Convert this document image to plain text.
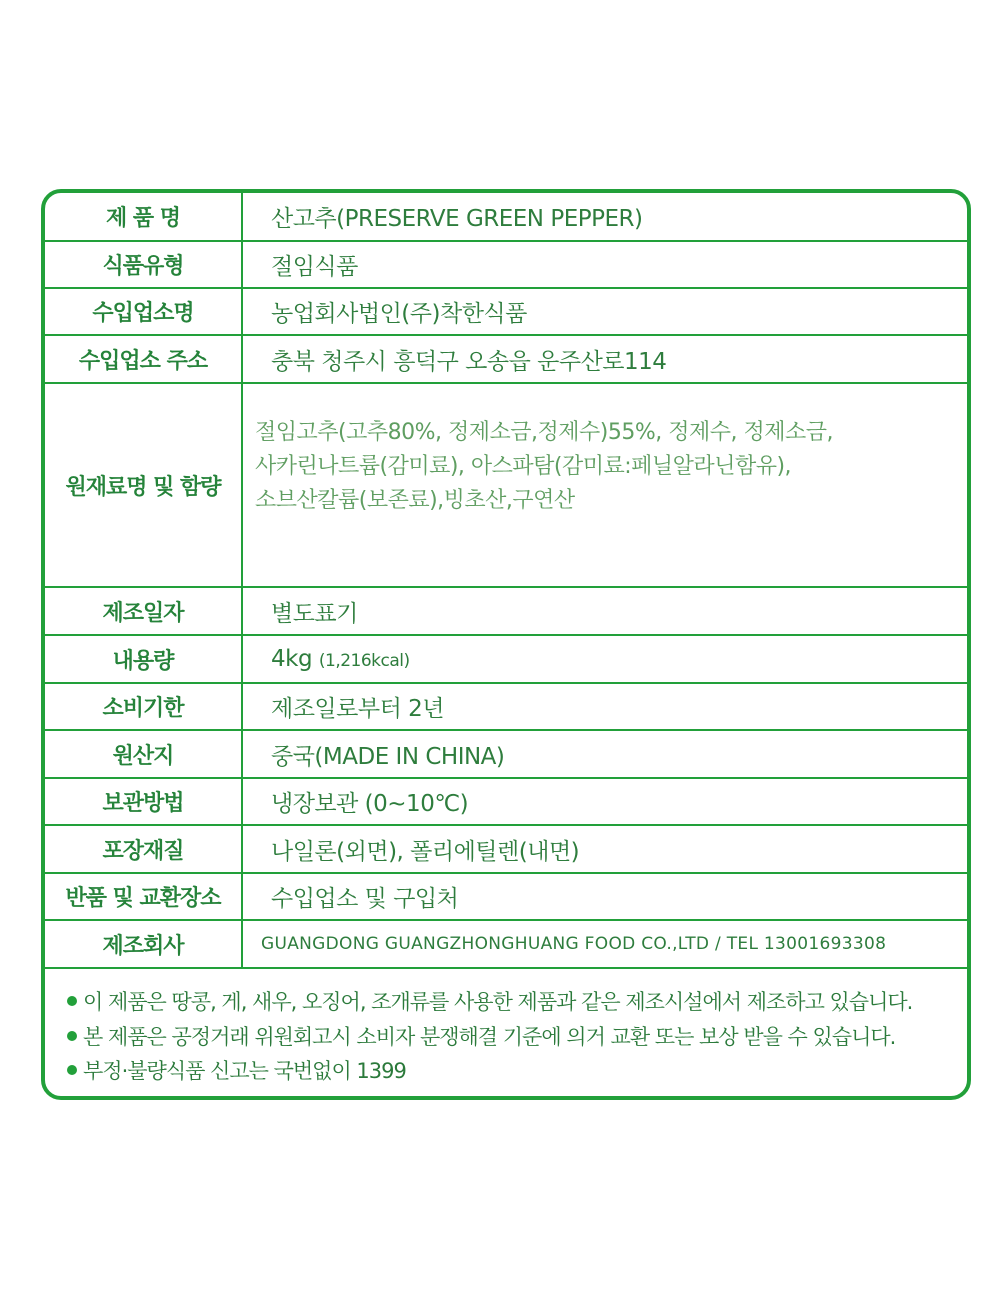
제 품 명	산고추(PRESERVE GREEN PEPPER)
식품유형	절임식품
수입업소명	농업회사법인(주)착한식품
수입업소 주소	충북 청주시 흥덕구 오송읍 운주산로114
원재료명 및 함량	절임고추(고추80%, 정제소금,정제수)55%, 정제수, 정제소금,
사카린나트륨(감미료), 아스파탐(감미료:페닐알라닌함유),
소브산칼륨(보존료),빙초산,구연산

제조일자	별도표기
내용량	4kg (1,216kcal)
소비기한	제조일로부터 2년
원산지	중국(MADE IN CHINA)
보관방법	냉장보관 (0~10℃)
포장재질	나일론(외면), 폴리에틸렌(내면)
반품 및 교환장소	수입업소 및 구입처
제조회사	GUANGDONG GUANGZHONGHUANG FOOD CO.,LTD / TEL 13001693308
이 제품은 땅콩, 게, 새우, 오징어, 조개류를 사용한 제품과 같은 제조시설에서 제조하고 있습니다.
본 제품은 공정거래 위원회고시 소비자 분쟁해결 기준에 의거 교환 또는 보상 받을 수 있습니다.
부정·불량식품 신고는 국번없이 1399
